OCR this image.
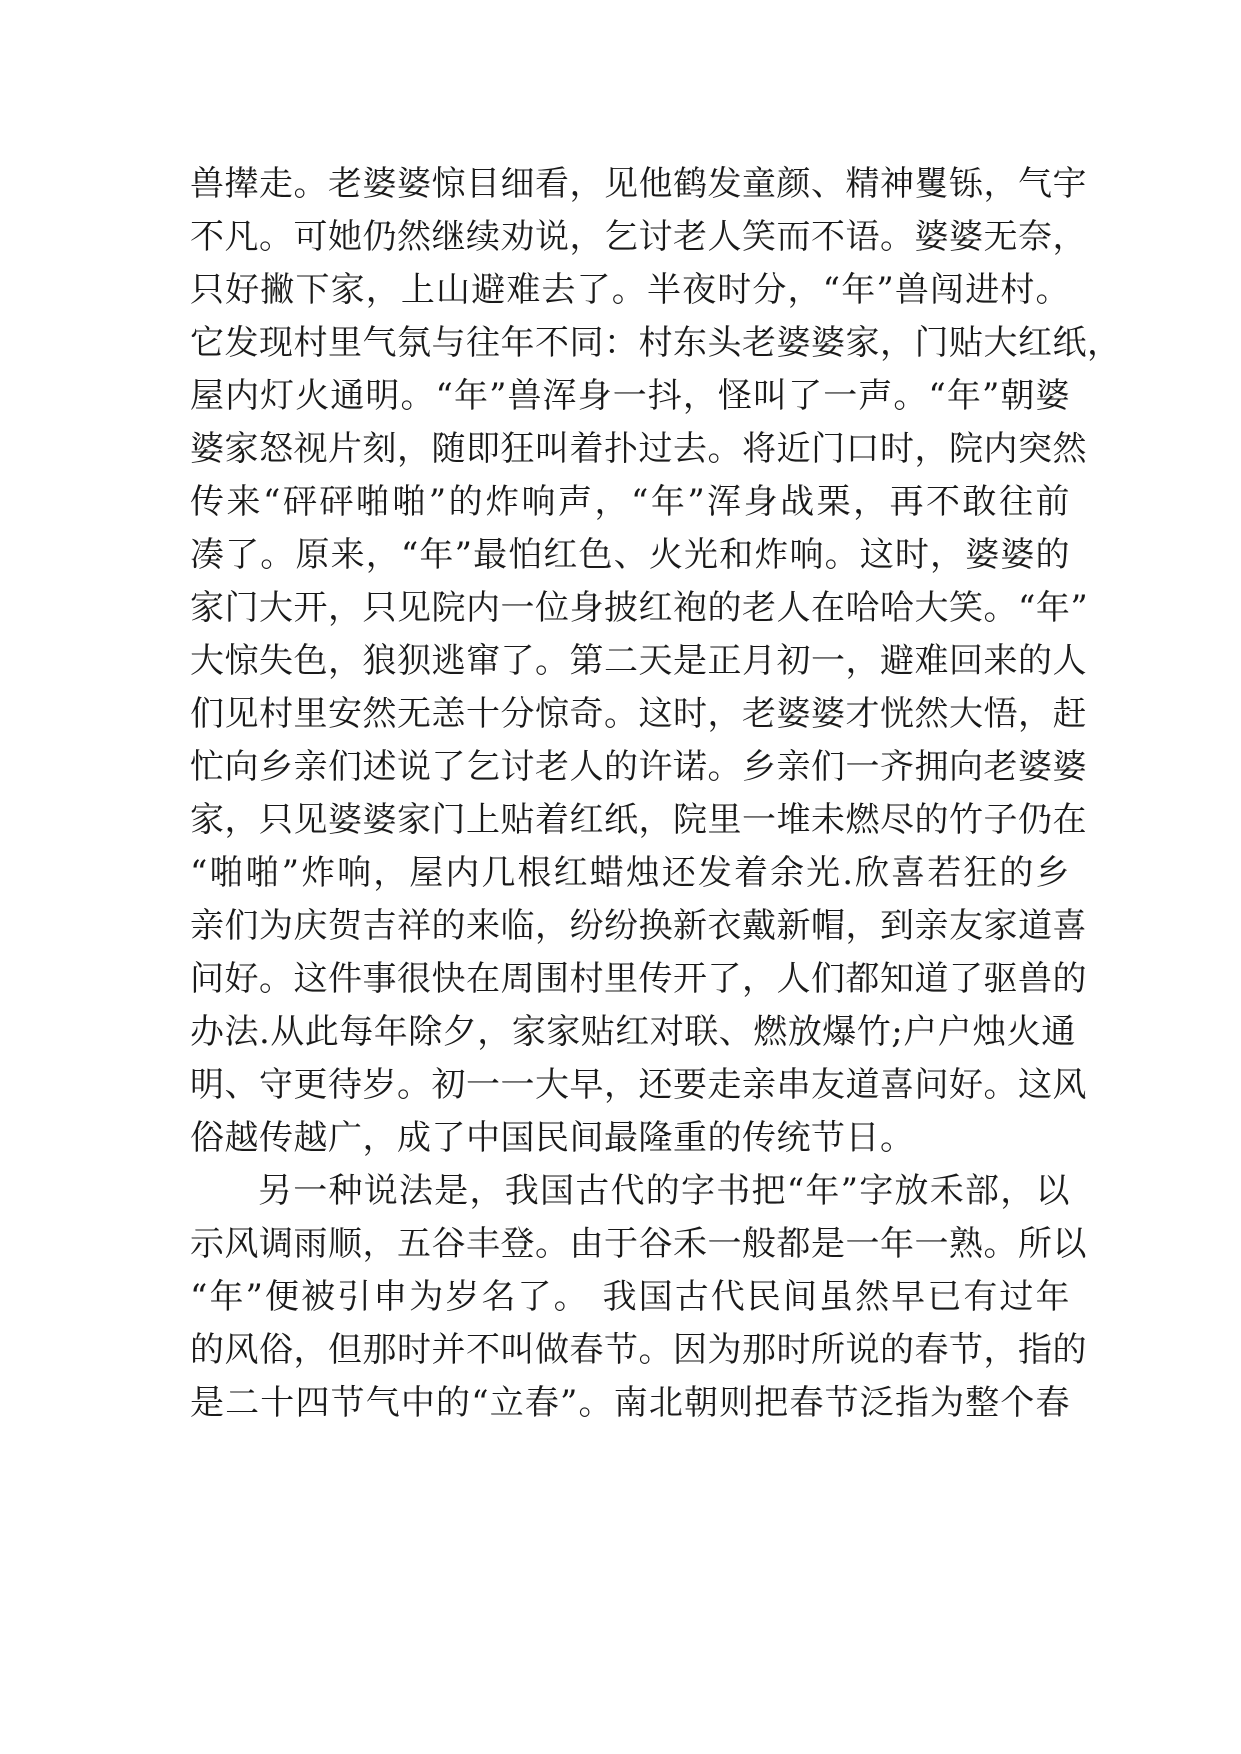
兽撵走。老婆婆惊目细看，见他鹤发童颜、精神矍铄，气宇
不凡。可她仍然继续劝说，乞讨老人笑而不语。婆婆无奈，
只好撇下家，上山避难去了。半夜时分，“年”兽闯进村。
它发现村里气氛与往年不同：村东头老婆婆家，门贴大红纸，
屋内灯火通明。“年”兽浑身一抖，怪叫了一声。“年”朝婆
婆家怒视片刻，随即狂叫着扑过去。将近门口时，院内突然
传来“砰砰啪啪”的炸响声，“年”浑身战栗，再不敢往前
凑了。原来，“年”最怕红色、火光和炸响。这时，婆婆的
家门大开，只见院内一位身披红袍的老人在哈哈大笑。“年”
大惊失色，狼狈逃窜了。第二天是正月初一，避难回来的人
们见村里安然无恙十分惊奇。这时，老婆婆才恍然大悟，赶
忙向乡亲们述说了乞讨老人的许诺。乡亲们一齐拥向老婆婆
家，只见婆婆家门上贴着红纸，院里一堆未燃尽的竹子仍在
“啪啪”炸响，屋内几根红蜡烛还发着余光.欣喜若狂的乡
亲们为庆贺吉祥的来临，纷纷换新衣戴新帽，到亲友家道喜
问好。这件事很快在周围村里传开了，人们都知道了驱兽的
办法.从此每年除夕，家家贴红对联、燃放爆竹;户户烛火通
明、守更待岁。初一一大早，还要走亲串友道喜问好。这风
俗越传越广，成了中国民间最隆重的传统节日。
另一种说法是，我国古代的字书把“年”字放禾部，以
示风调雨顺，五谷丰登。由于谷禾一般都是一年一熟。所以
“年”便被引申为岁名了。 我国古代民间虽然早已有过年
的风俗，但那时并不叫做春节。因为那时所说的春节，指的
是二十四节气中的“立春”。南北朝则把春节泛指为整个春
